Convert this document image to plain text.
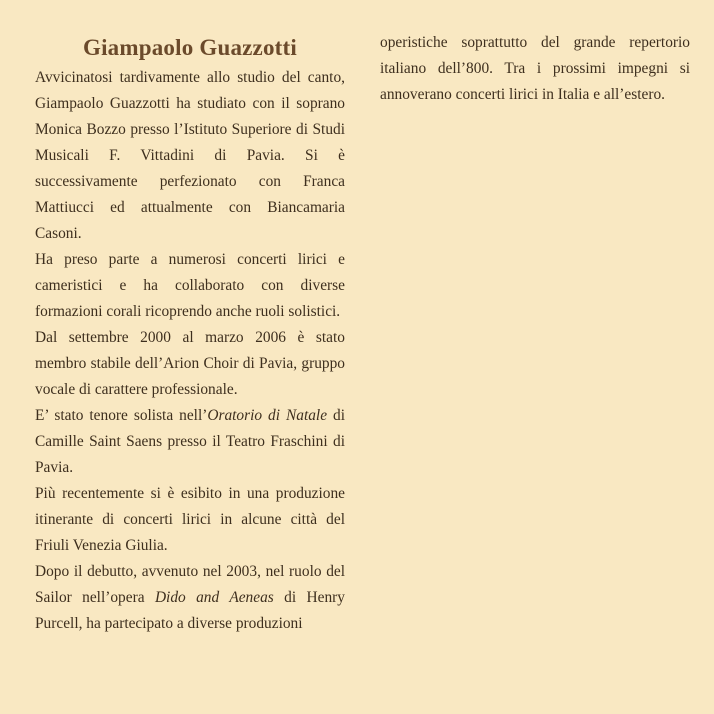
Giampaolo Guazzotti

Avvicinatosi tardivamente allo studio del canto, Giampaolo Guazzotti ha studiato con il soprano Monica Bozzo presso l’Istituto Superiore di Studi Musicali F. Vittadini di Pavia. Si è successivamente perfezionato con Franca Mattiucci ed attualmente con Biancamaria Casoni.

Ha preso parte a numerosi concerti lirici e cameristici e ha collaborato con diverse formazioni corali ricoprendo anche ruoli solistici.

Dal settembre 2000 al marzo 2006 è stato membro stabile dell’Arion Choir di Pavia, gruppo vocale di carattere professionale.

E’ stato tenore solista nell’Oratorio di Natale di Camille Saint Saens presso il Teatro Fraschini di Pavia.

Più recentemente si è esibito in una produzione itinerante di concerti lirici in alcune città del Friuli Venezia Giulia.

Dopo il debutto, avvenuto nel 2003, nel ruolo del Sailor nell’opera Dido and Aeneas di Henry Purcell, ha partecipato a diverse produzioni

operistiche soprattutto del grande repertorio italiano dell’800. Tra i prossimi impegni si annoverano concerti lirici in Italia e all’estero.
